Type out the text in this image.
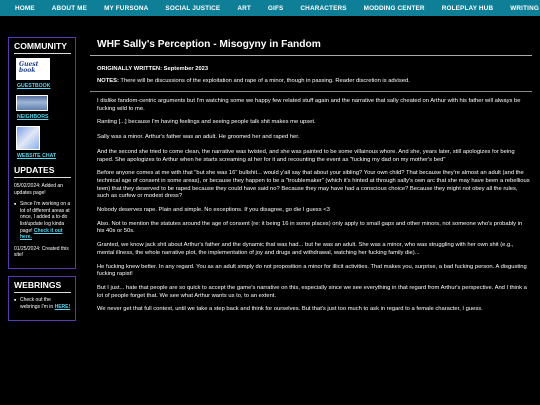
HOME	ABOUT ME	MY FURSONA	SOCIAL JUSTICE	ART	GIFS	CHARACTERS	MODDING CENTER	ROLEPLAY HUB	WRITING
COMMUNITY
Guest book
GUESTBOOK
NEIGHBORS
WEBSITE CHAT
UPDATES
05/02/2024: Added an updates page!
■ Since I'm working on a lot of different areas at once, I added a to-do list/update log kinda page! Check it out here.
01/25/2024: Created this site!
WEBRINGS
■ Check out the webrings I'm in HERE!
WHF Sally's Perception - Misogyny in Fandom
ORIGINALLY WRITTEN: September 2023
NOTES: There will be discussions of the exploitation and rape of a minor, though in passing. Reader discretion is advised.
I dislike fandom-centric arguments but I'm watching some we happy few related stuff again and the narrative that sally cheated on Arthur with his father will always be fucking wild to me.
Ranting [...] because I'm having feelings and seeing people talk shit makes me upset.
Sally was a minor. Arthur's father was an adult. He groomed her and raped her.
And the second she tried to come clean, the narrative was twisted, and she was painted to be some villainous whore. And she, years later, still apologizes for being raped. She apologizes to Arthur when he starts screaming at her for it and recounting the event as "fucking my dad on my mother's bed"
Before anyone comes at me with that "but she was 16" bullshit... would y'all say that about your sibling? Your own child? That because they're almost an adult (and the technical age of consent in some areas), or because they happen to be a "troublemaker" (which it's hinted at through sally's own arc that she may have been a rebellious teen) that they deserved to be raped because they could have said no? Because they may have had a conscious choice? Because they might not obey all the rules, such as curfew or modest dress?
Nobody deserves rape. Plain and simple. No exceptions. If you disagree, go die I guess <3
Also. Not to mention the statutes around the age of consent (re: it being 16 in some places) only apply to small gaps and other minors, not someone who's probably in his 40s or 50s.
Granted, we know jack shit about Arthur's father and the dynamic that was had... but he was an adult. She was a minor, who was struggling with her own shit (e.g., mental illness, the whole narrative plot, the implementation of joy and drugs and withdrawal, watching her fucking family die)...
He fucking knew better. In any regard. You as an adult simply do not proposition a minor for illicit activities. That makes you, surprise, a bad fucking person. A disgusting fucking rapist!
But I just... hate that people are so quick to accept the game's narrative on this, especially since we see everything in that regard from Arthur's perspective. And I think a lot of people forget that. We see what Arthur wants us to, to an extent.
We never get that full context, until we take a step back and think for ourselves. But that's just too much to ask in regard to a female character, I guess.
